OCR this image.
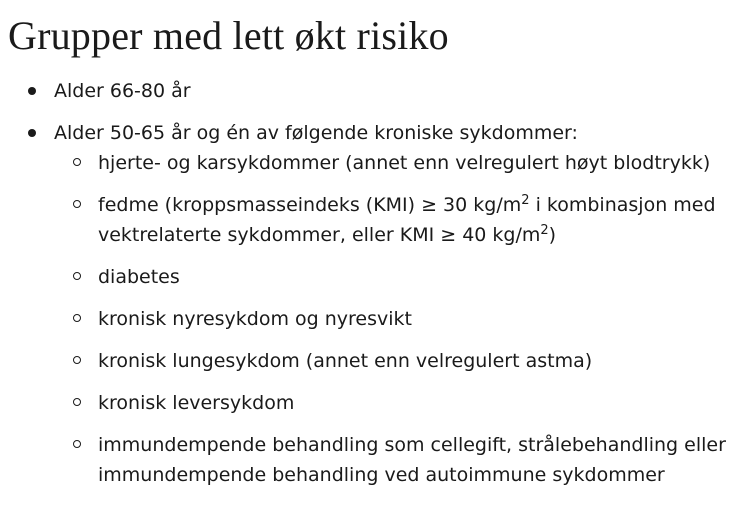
Grupper med lett økt risiko
Alder 66-80 år
Alder 50-65 år og én av følgende kroniske sykdommer:
hjerte- og karsykdommer (annet enn velregulert høyt blodtrykk)
fedme (kroppsmasseindeks (KMI) ≥ 30 $kg/m^2$ i kombinasjon med
vektrelaterte sykdommer, eller KMI ≥ 40 $kg/m^2$)
diabetes
kronisk nyresykdom og nyresvikt
kronisk lungesykdom (annet enn velregulert astma)
kronisk leversykdom
immundempende behandling som cellegift, strålebehandling eller
immundempende behandling ved autoimmune sykdommer
